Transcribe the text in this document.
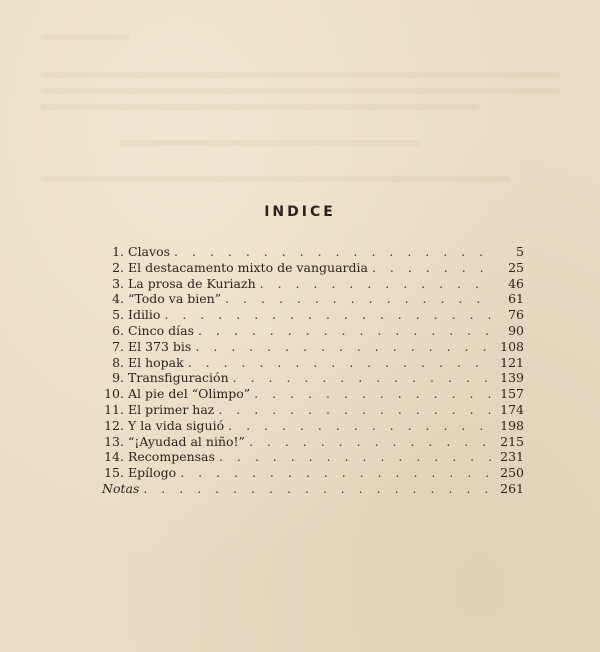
INDICE
1. Clavos . . .	5
2. El destacamento mixto de vanguardia . . .	25
3. La prosa de Kuriazh . . .	46
4. “Todo va bien” . . .	61
5. Idilio . . .	76
6. Cinco días . . .	90
7. El 373 bis . . .	108
8. El hopak . . .	121
9. Transfiguración . . .	139
10. Al pie del “Olimpo” . . .	157
11. El primer haz . . .	174
12. Y la vida siguió . . .	198
13. “¡Ayudad al niño!” . . .	215
14. Recompensas . . .	231
15. Epílogo . . .	250
Notas . . .	261
